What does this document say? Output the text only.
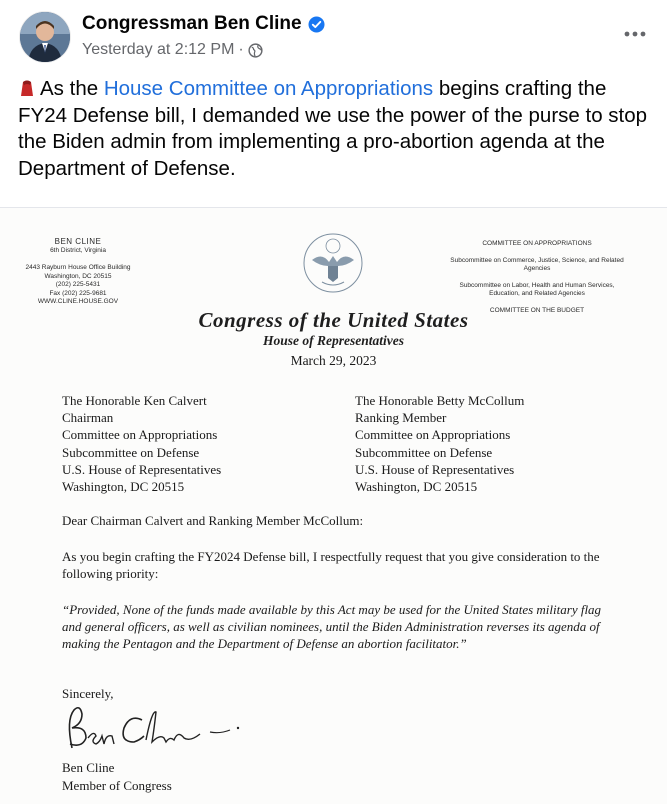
Congressman Ben Cline
Yesterday at 2:12 PM ·
As the House Committee on Appropriations begins crafting the FY24 Defense bill, I demanded we use the power of the purse to stop the Biden admin from implementing a pro-abortion agenda at the Department of Defense.
BEN CLINE
6th District, Virginia
2443 Rayburn House Office Building
Washington, DC 20515
(202) 225-5431
Fax (202) 225-9681
WWW.CLINE.HOUSE.GOV
COMMITTEE ON APPROPRIATIONS
Subcommittee on Commerce, Justice, Science, and Related Agencies
Subcommittee on Labor, Health and Human Services, Education, and Related Agencies
COMMITTEE ON THE BUDGET
Congress of the United States
House of Representatives
March 29, 2023
The Honorable Ken Calvert
Chairman
Committee on Appropriations
Subcommittee on Defense
U.S. House of Representatives
Washington, DC 20515
The Honorable Betty McCollum
Ranking Member
Committee on Appropriations
Subcommittee on Defense
U.S. House of Representatives
Washington, DC 20515
Dear Chairman Calvert and Ranking Member McCollum:
As you begin crafting the FY2024 Defense bill, I respectfully request that you give consideration to the following priority:
“Provided, None of the funds made available by this Act may be used for the United States military flag and general officers, as well as civilian nominees, until the Biden Administration reverses its agenda of making the Pentagon and the Department of Defense an abortion facilitator.”
Sincerely,
Ben Cline
Member of Congress
